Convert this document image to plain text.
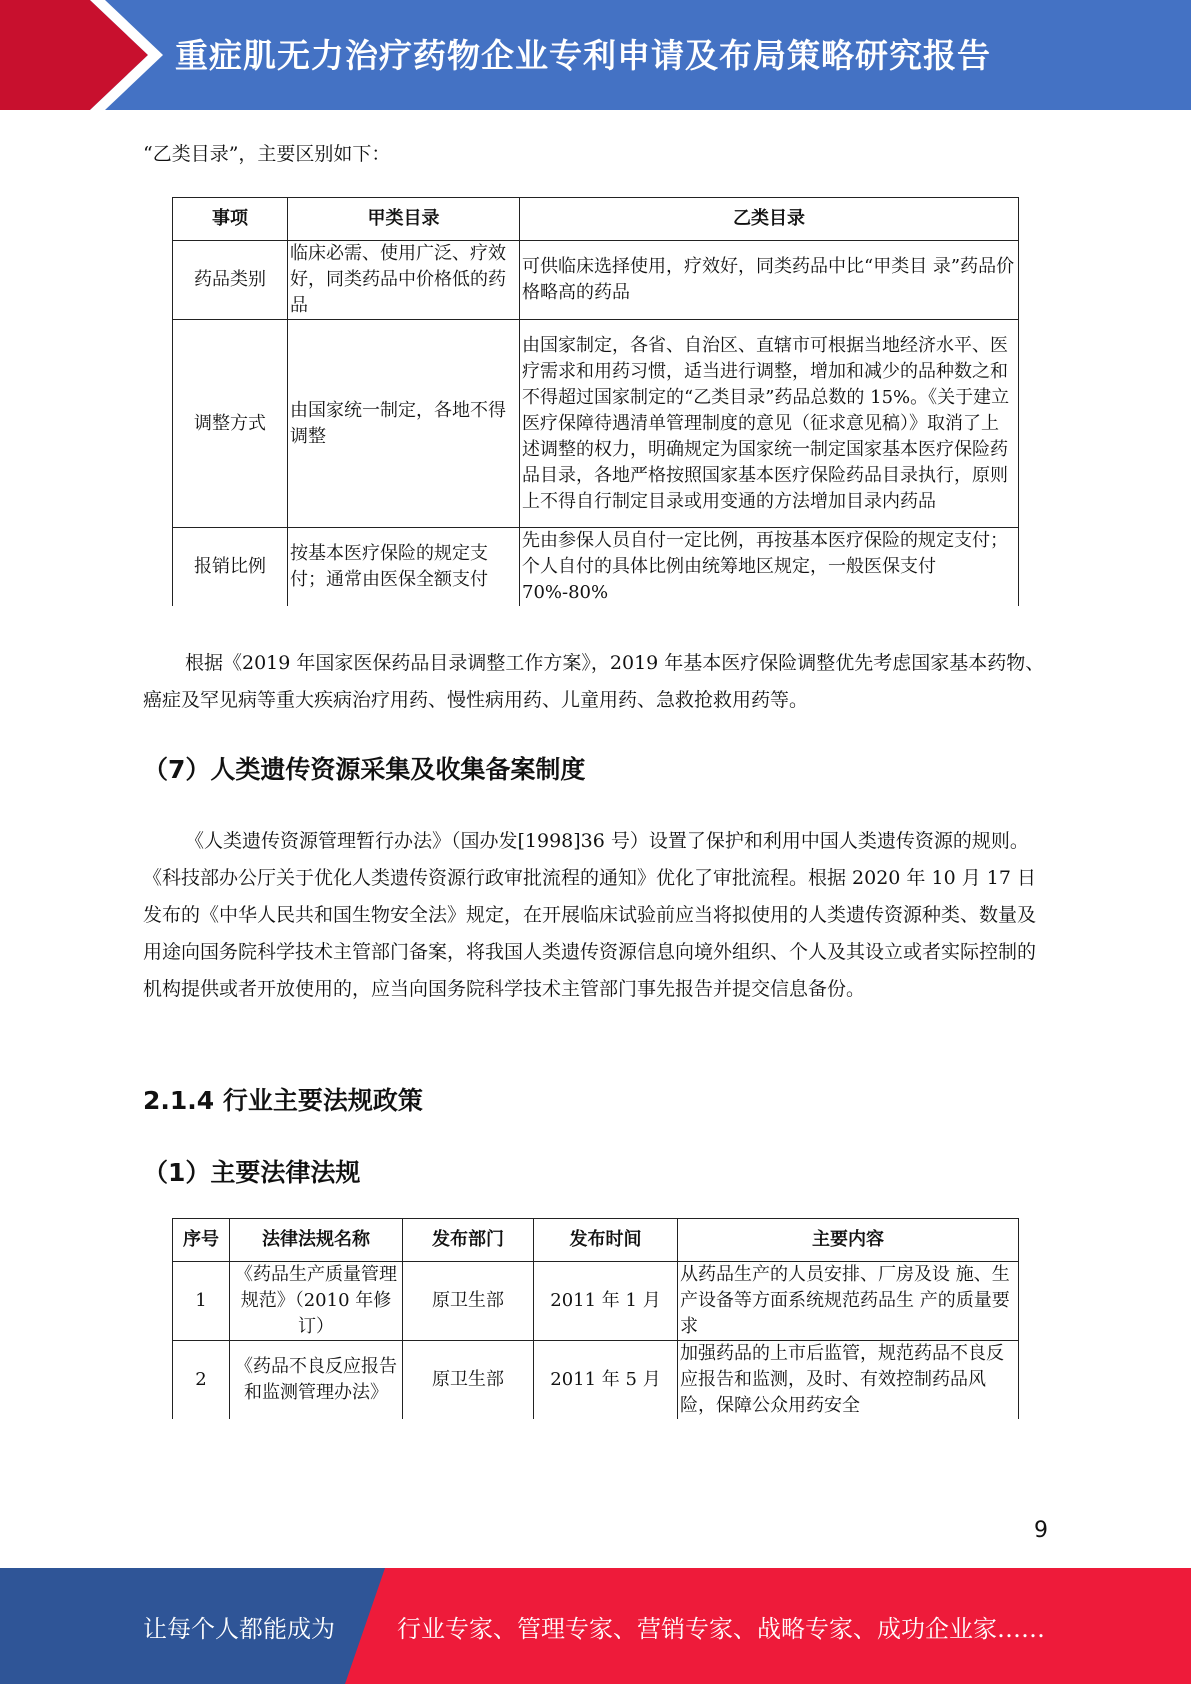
重症肌无力治疗药物企业专利申请及布局策略研究报告

“乙类目录”，主要区别如下：

事项	甲类目录	乙类目录
药品类别	临床必需、使用广泛、疗效好，同类药品中价格低的药品	可供临床选择使用，疗效好，同类药品中比“甲类目 录”药品价格略高的药品
调整方式	由国家统一制定，各地不得调整	由国家制定，各省、自治区、直辖市可根据当地经济水平、医疗需求和用药习惯，适当进行调整，增加和减少的品种数之和不得超过国家制定的“乙类目录”药品总数的 15%。《关于建立医疗保障待遇清单管理制度的意见（征求意见稿）》取消了上述调整的权力，明确规定为国家统一制定国家基本医疗保险药品目录，各地严格按照国家基本医疗保险药品目录执行，原则上不得自行制定目录或用变通的方法增加目录内药品
报销比例	按基本医疗保险的规定支付；通常由医保全额支付	先由参保人员自付一定比例，再按基本医疗保险的规定支付；个人自付的具体比例由统筹地区规定，一般医保支付 70%-80%

根据《2019 年国家医保药品目录调整工作方案》，2019 年基本医疗保险调整优先考虑国家基本药物、癌症及罕见病等重大疾病治疗用药、慢性病用药、儿童用药、急救抢救用药等。

（7）人类遗传资源采集及收集备案制度

《人类遗传资源管理暂行办法》（国办发[1998]36 号）设置了保护和利用中国人类遗传资源的规则。《科技部办公厅关于优化人类遗传资源行政审批流程的通知》优化了审批流程。根据 2020 年 10 月 17 日发布的《中华人民共和国生物安全法》规定，在开展临床试验前应当将拟使用的人类遗传资源种类、数量及用途向国务院科学技术主管部门备案，将我国人类遗传资源信息向境外组织、个人及其设立或者实际控制的机构提供或者开放使用的，应当向国务院科学技术主管部门事先报告并提交信息备份。

2.1.4 行业主要法规政策
（1）主要法律法规
序号	法律法规名称	发布部门	发布时间	主要内容
1	《药品生产质量管理规范》（2010 年修订）	原卫生部	2011 年 1 月	从药品生产的人员安排、厂房及设 施、生产设备等方面系统规范药品生 产的质量要求
2	《药品不良反应报告和监测管理办法》	原卫生部	2011 年 5 月	加强药品的上市后监管，规范药品不良反应报告和监测，及时、有效控制药品风险，保障公众用药安全
9
让每个人都能成为	行业专家、管理专家、营销专家、战略专家、成功企业家……
